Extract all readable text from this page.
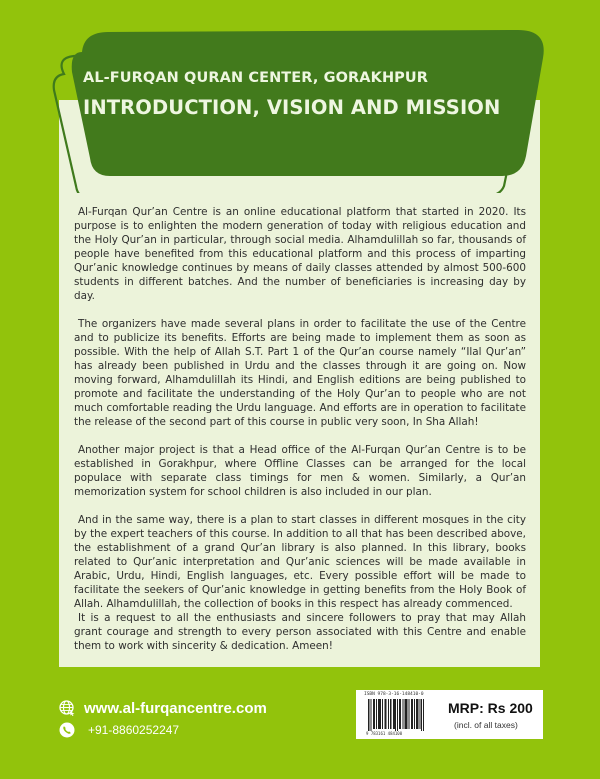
AL-FURQAN QURAN CENTER, GORAKHPUR
INTRODUCTION, VISION AND MISSION

Al-Furqan Qur’an Centre is an online educational platform that started in 2020. Its purpose is to enlighten the modern generation of today with religious education and the Holy Qur’an in particular, through social media. Alhamdulillah so far, thousands of people have benefited from this educational platform and this process of imparting Qur’anic knowledge continues by means of daily classes attended by almost 500-600 students in different batches. And the number of beneficiaries is increasing day by day.

The organizers have made several plans in order to facilitate the use of the Centre and to publicize its benefits. Efforts are being made to implement them as soon as possible. With the help of Allah S.T. Part 1 of the Qur’an course namely “Ilal Qur’an” has already been published in Urdu and the classes through it are going on. Now moving forward, Alhamdulillah its Hindi, and English editions are being published to promote and facilitate the understanding of the Holy Qur’an to people who are not much comfortable reading the Urdu language. And efforts are in operation to facilitate the release of the second part of this course in public very soon, In Sha Allah!

Another major project is that a Head office of the Al-Furqan Qur’an Centre is to be established in Gorakhpur, where Offline Classes can be arranged for the local populace with separate class timings for men & women. Similarly, a Qur’an memorization system for school children is also included in our plan.

And in the same way, there is a plan to start classes in different mosques in the city by the expert teachers of this course. In addition to all that has been described above, the establishment of a grand Qur’an library is also planned. In this library, books related to Qur’anic interpretation and Qur’anic sciences will be made available in Arabic, Urdu, Hindi, English languages, etc. Every possible effort will be made to facilitate the seekers of Qur’anic knowledge in getting benefits from the Holy Book of Allah. Alhamdulillah, the collection of books in this respect has already commenced.

It is a request to all the enthusiasts and sincere followers to pray that may Allah grant courage and strength to every person associated with this Centre and enable them to work with sincerity & dedication. Ameen!

www.al-furqancentre.com
+91-8860252247
ISBN 978-3-16-148410-0
9 783161 484100
MRP: Rs 200
(incl. of all taxes)
